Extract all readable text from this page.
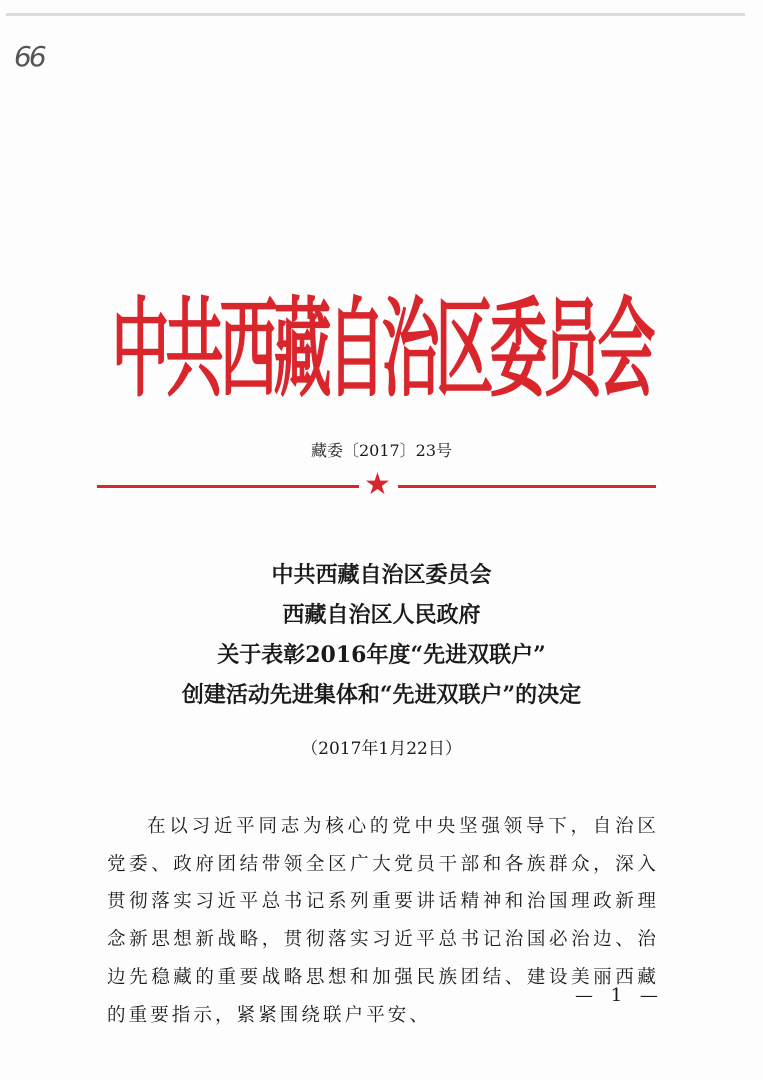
66
中共西藏自治区委员会
藏委〔2017〕23号
★
中共西藏自治区委员会
西藏自治区人民政府
关于表彰2016年度“先进双联户”
创建活动先进集体和“先进双联户”的决定
（2017年1月22日）
在以习近平同志为核心的党中央坚强领导下，自治区党委、政府团结带领全区广大党员干部和各族群众，深入贯彻落实习近平总书记系列重要讲话精神和治国理政新理念新思想新战略，贯彻落实习近平总书记治国必治边、治边先稳藏的重要战略思想和加强民族团结、建设美丽西藏的重要指示，紧紧围绕联户平安、
— 1 —
